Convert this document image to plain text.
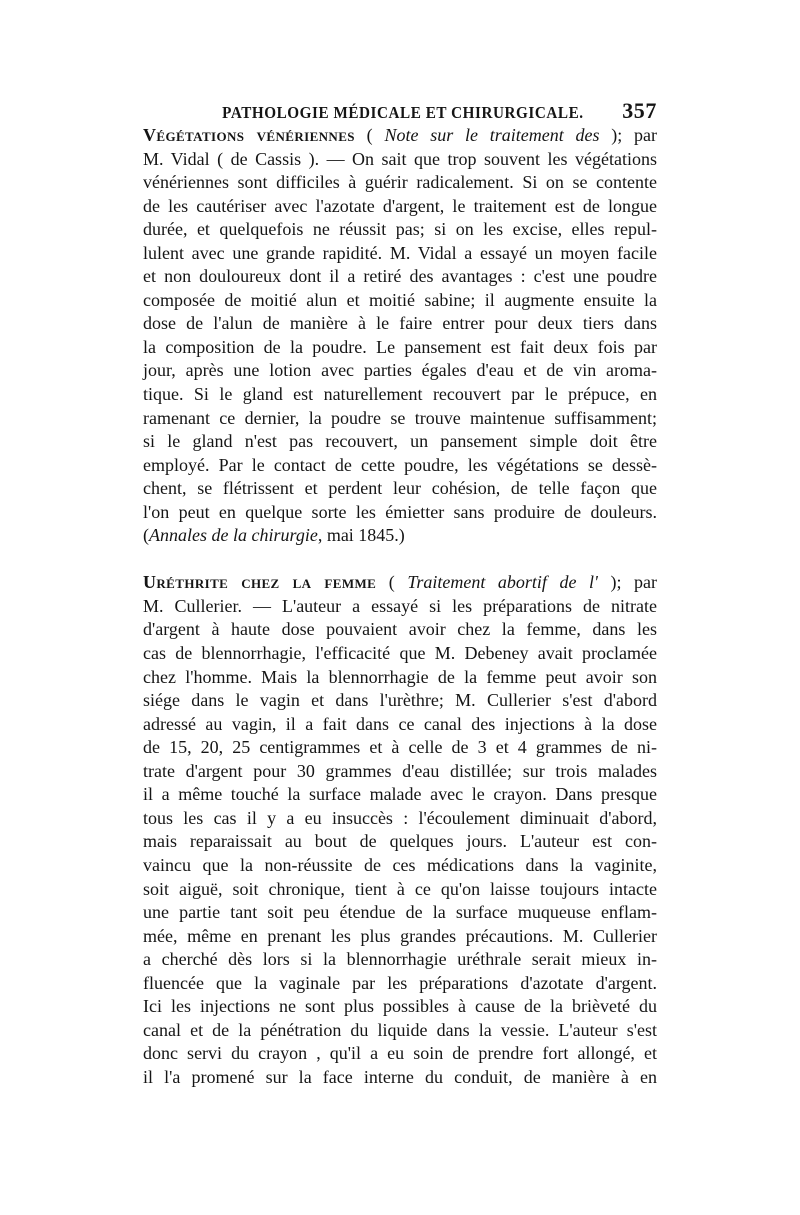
PATHOLOGIE MÉDICALE ET CHIRURGICALE. 357
Végétations vénériennes ( Note sur le traitement des ); par
M. Vidal ( de Cassis ). — On sait que trop souvent les végétations
vénériennes sont difficiles à guérir radicalement. Si on se contente
de les cautériser avec l'azotate d'argent, le traitement est de longue
durée, et quelquefois ne réussit pas; si on les excise, elles repul-
lulent avec une grande rapidité. M. Vidal a essayé un moyen facile
et non douloureux dont il a retiré des avantages : c'est une poudre
composée de moitié alun et moitié sabine; il augmente ensuite la
dose de l'alun de manière à le faire entrer pour deux tiers dans
la composition de la poudre. Le pansement est fait deux fois par
jour, après une lotion avec parties égales d'eau et de vin aroma-
tique. Si le gland est naturellement recouvert par le prépuce, en
ramenant ce dernier, la poudre se trouve maintenue suffisamment;
si le gland n'est pas recouvert, un pansement simple doit être
employé. Par le contact de cette poudre, les végétations se dessè-
chent, se flétrissent et perdent leur cohésion, de telle façon que
l'on peut en quelque sorte les émietter sans produire de douleurs.
(Annales de la chirurgie, mai 1845.)
Uréthrite chez la femme ( Traitement abortif de l' ); par
M. Cullerier. — L'auteur a essayé si les préparations de nitrate
d'argent à haute dose pouvaient avoir chez la femme, dans les
cas de blennorrhagie, l'efficacité que M. Debeney avait proclamée
chez l'homme. Mais la blennorrhagie de la femme peut avoir son
siége dans le vagin et dans l'urèthre; M. Cullerier s'est d'abord
adressé au vagin, il a fait dans ce canal des injections à la dose
de 15, 20, 25 centigrammes et à celle de 3 et 4 grammes de ni-
trate d'argent pour 30 grammes d'eau distillée; sur trois malades
il a même touché la surface malade avec le crayon. Dans presque
tous les cas il y a eu insuccès : l'écoulement diminuait d'abord,
mais reparaissait au bout de quelques jours. L'auteur est con-
vaincu que la non-réussite de ces médications dans la vaginite,
soit aiguë, soit chronique, tient à ce qu'on laisse toujours intacte
une partie tant soit peu étendue de la surface muqueuse enflam-
mée, même en prenant les plus grandes précautions. M. Cullerier
a cherché dès lors si la blennorrhagie uréthrale serait mieux in-
fluencée que la vaginale par les préparations d'azotate d'argent.
Ici les injections ne sont plus possibles à cause de la brièveté du
canal et de la pénétration du liquide dans la vessie. L'auteur s'est
donc servi du crayon , qu'il a eu soin de prendre fort allongé, et
il l'a promené sur la face interne du conduit, de manière à en
